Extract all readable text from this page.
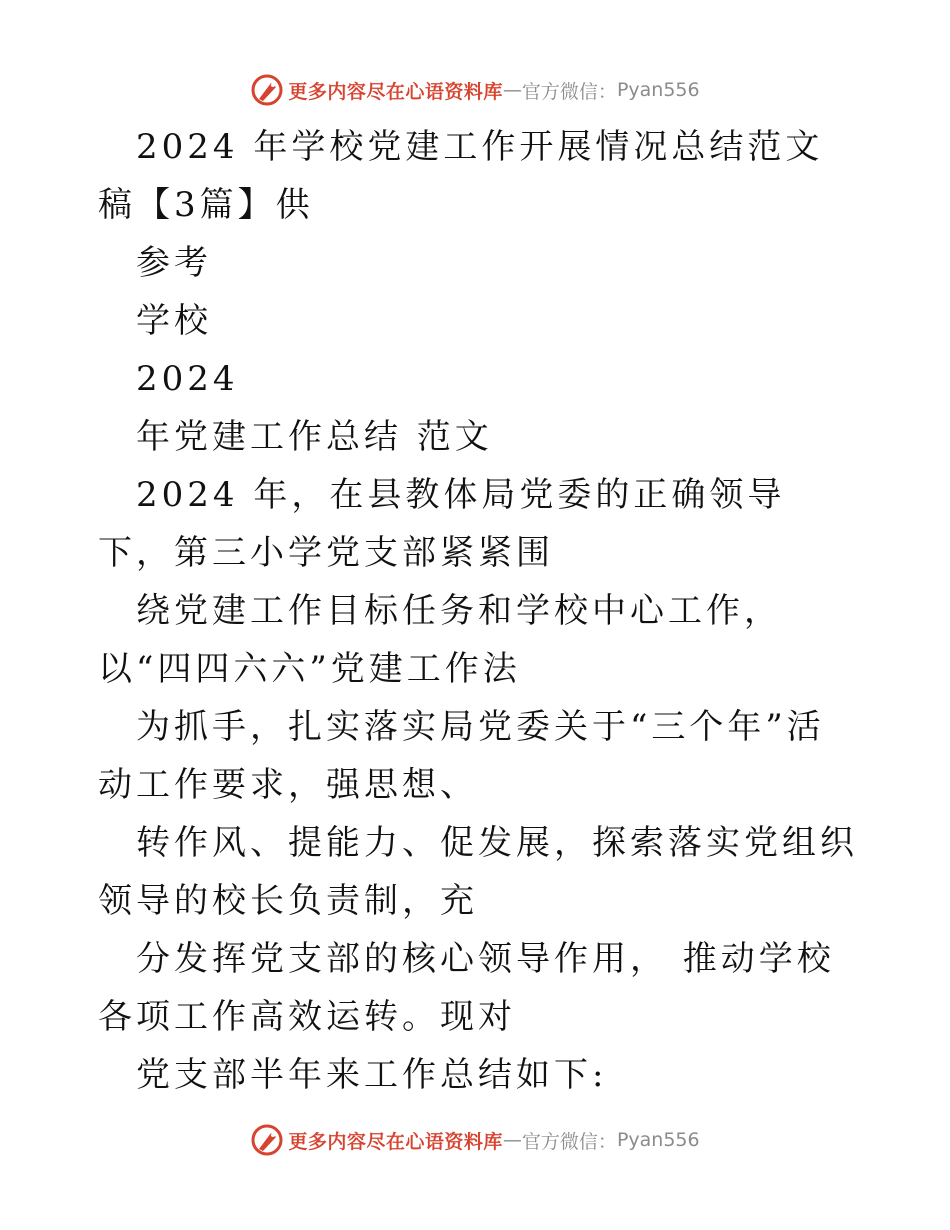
更多内容尽在心语资料库 — 官方微信： Pyan556

2024 年学校党建工作开展情况总结范文稿【3篇】供

参考

学校

2024

年党建工作总结 范文

2024 年，在县教体局党委的正确领导下，第三小学党支部紧紧围

绕党建工作目标任务和学校中心工作，以“四四六六”党建工作法

为抓手，扎实落实局党委关于“三个年”活动工作要求，强思想、

转作风、提能力、促发展，探索落实党组织领导的校长负责制，充

分发挥党支部的核心领导作用， 推动学校各项工作高效运转。现对

党支部半年来工作总结如下:

更多内容尽在心语资料库 — 官方微信： Pyan556
